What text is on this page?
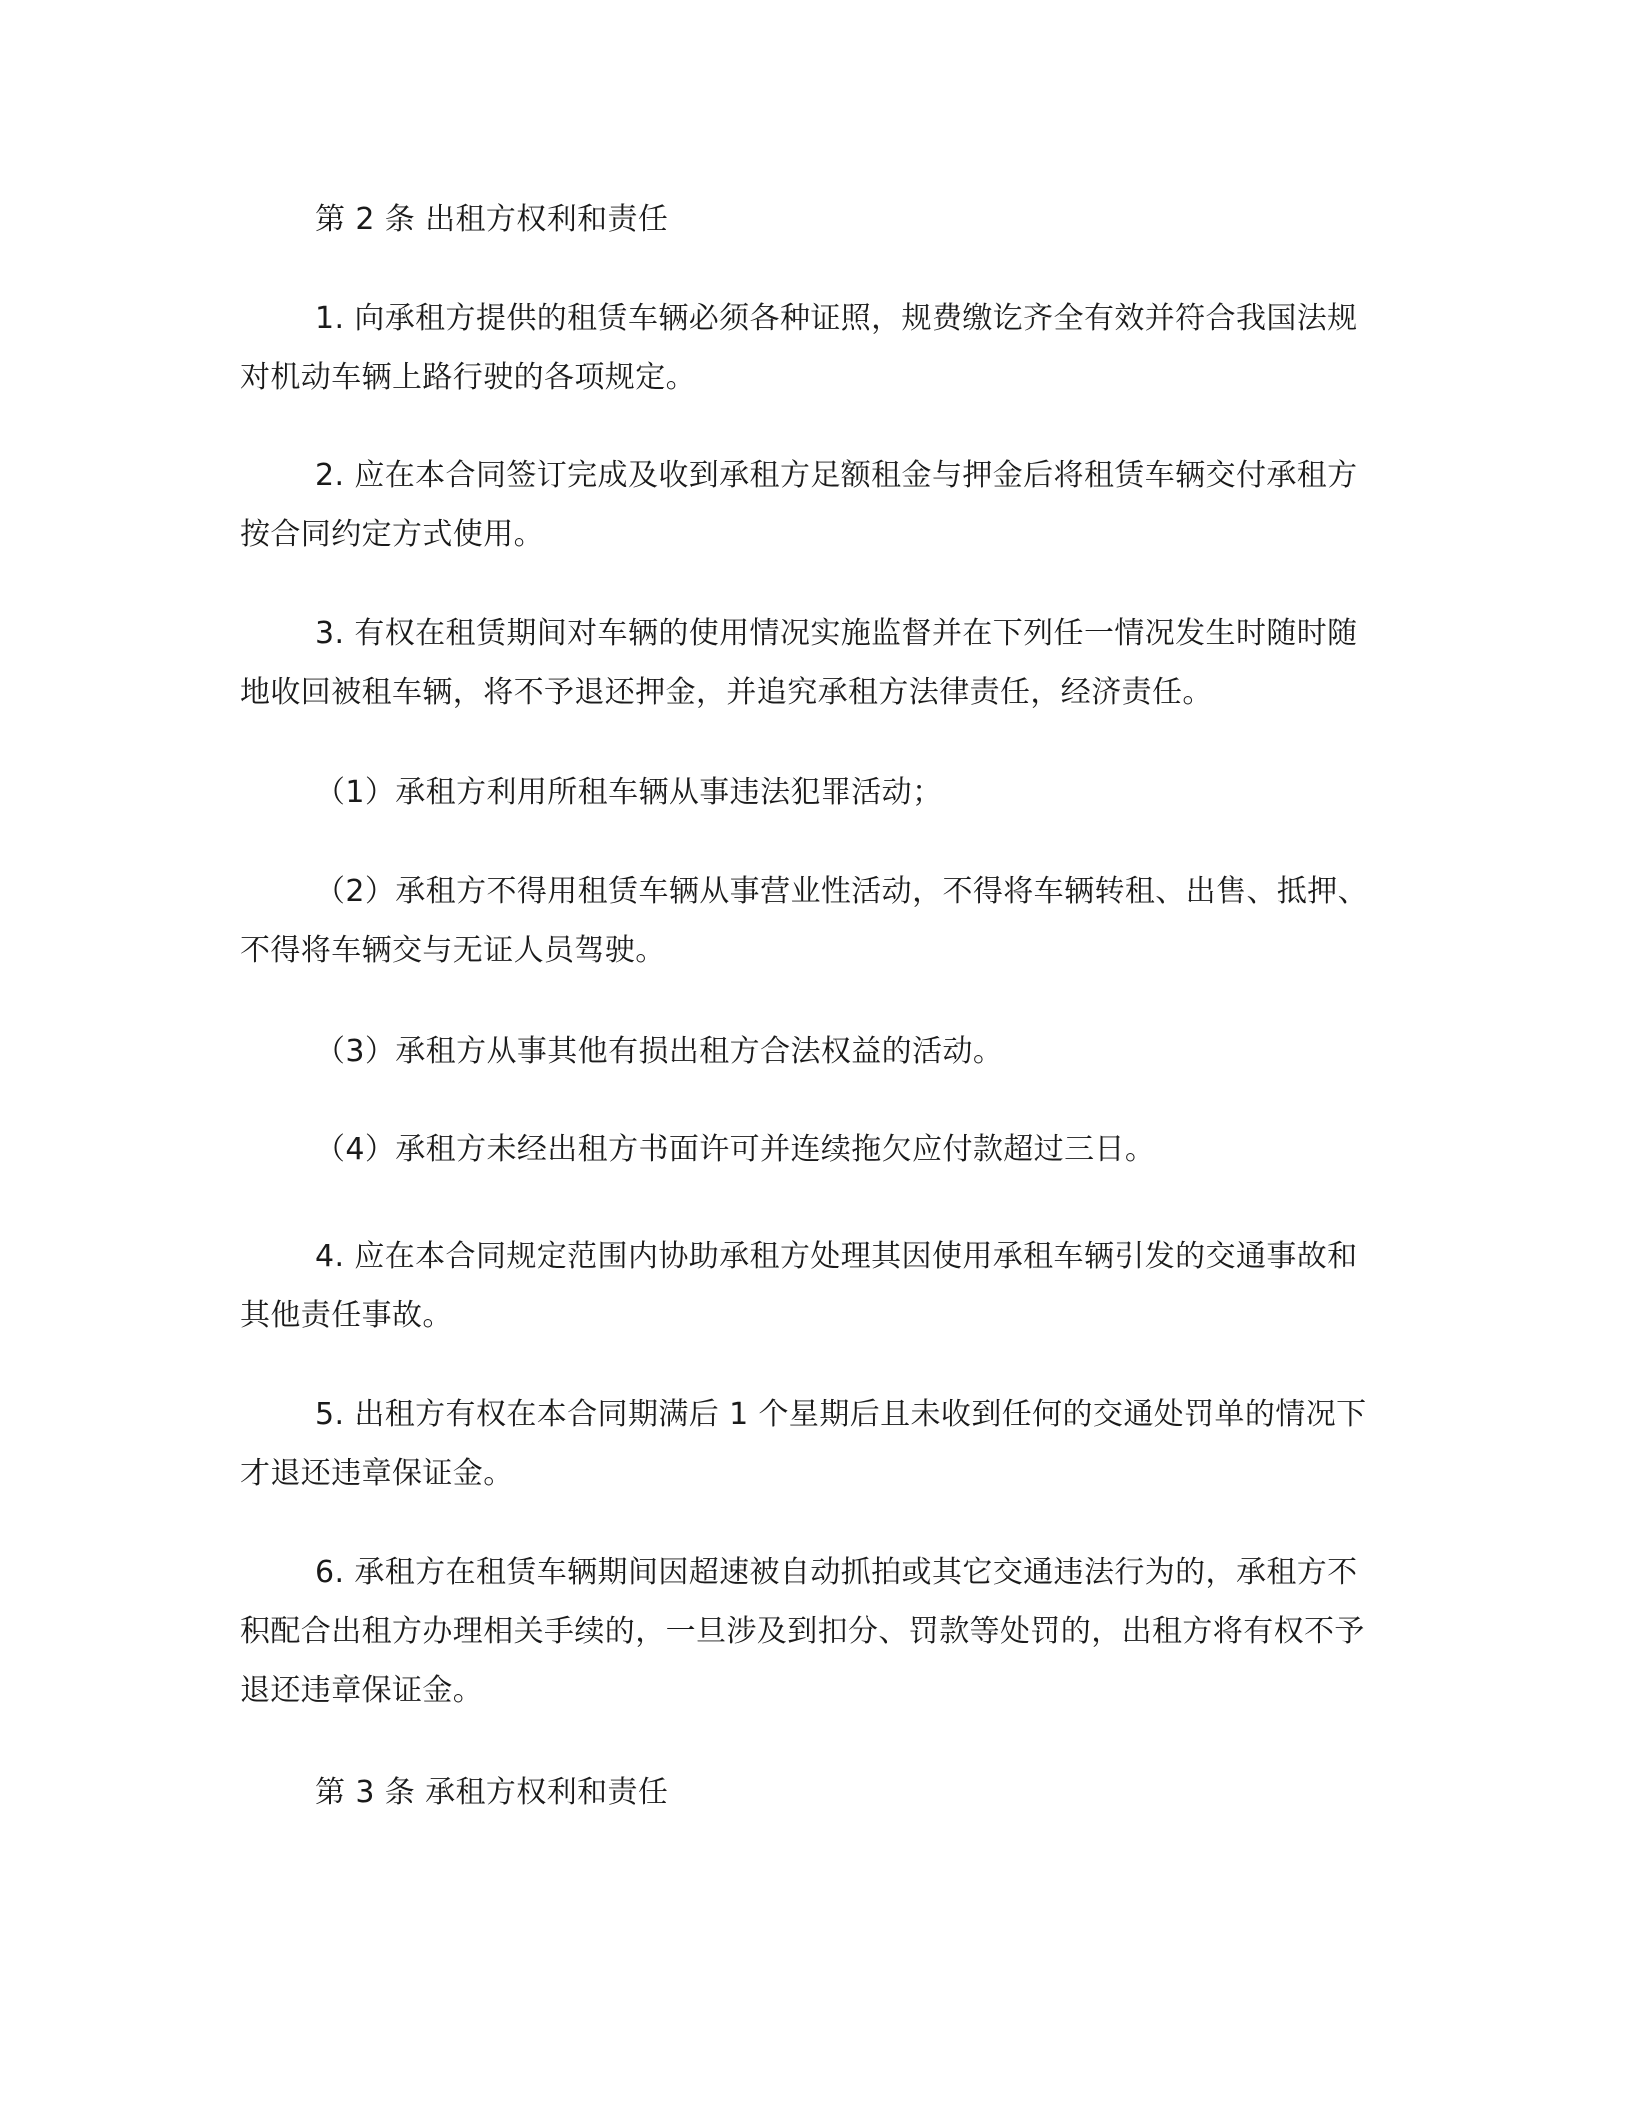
第 2 条 出租方权利和责任

1. 向承租方提供的租赁车辆必须各种证照，规费缴讫齐全有效并符合我国法规对机动车辆上路行驶的各项规定。

2. 应在本合同签订完成及收到承租方足额租金与押金后将租赁车辆交付承租方按合同约定方式使用。

3. 有权在租赁期间对车辆的使用情况实施监督并在下列任一情况发生时随时随地收回被租车辆，将不予退还押金，并追究承租方法律责任，经济责任。

（1）承租方利用所租车辆从事违法犯罪活动；

（2）承租方不得用租赁车辆从事营业性活动，不得将车辆转租、出售、抵押、不得将车辆交与无证人员驾驶。

（3）承租方从事其他有损出租方合法权益的活动。

（4）承租方未经出租方书面许可并连续拖欠应付款超过三日。

4. 应在本合同规定范围内协助承租方处理其因使用承租车辆引发的交通事故和其他责任事故。

5. 出租方有权在本合同期满后 1 个星期后且未收到任何的交通处罚单的情况下才退还违章保证金。

6. 承租方在租赁车辆期间因超速被自动抓拍或其它交通违法行为的，承租方不积配合出租方办理相关手续的，一旦涉及到扣分、罚款等处罚的，出租方将有权不予退还违章保证金。

第 3 条 承租方权利和责任
